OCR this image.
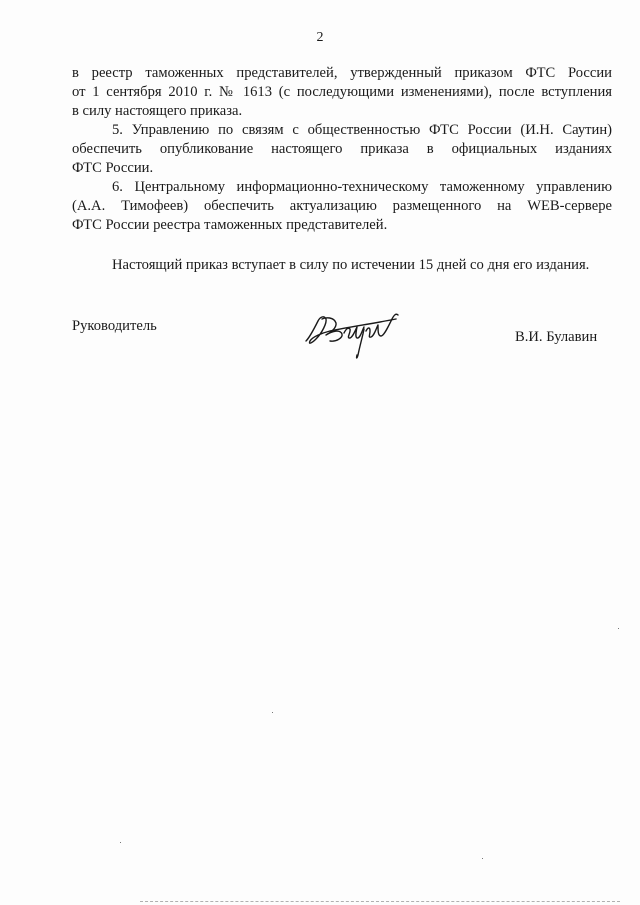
2
в реестр таможенных представителей, утвержденный приказом ФТС России
от 1 сентября 2010 г. № 1613 (с последующими изменениями), после вступления
в силу настоящего приказа.
5. Управлению по связям с общественностью ФТС России (И.Н. Саутин)
обеспечить опубликование настоящего приказа в официальных изданиях
ФТС России.
6. Центральному информационно-техническому таможенному управлению
(А.А. Тимофеев) обеспечить актуализацию размещенного на WEB-сервере
ФТС России реестра таможенных представителей.
Настоящий приказ вступает в силу по истечении 15 дней со дня его издания.
Руководитель
В.И. Булавин
